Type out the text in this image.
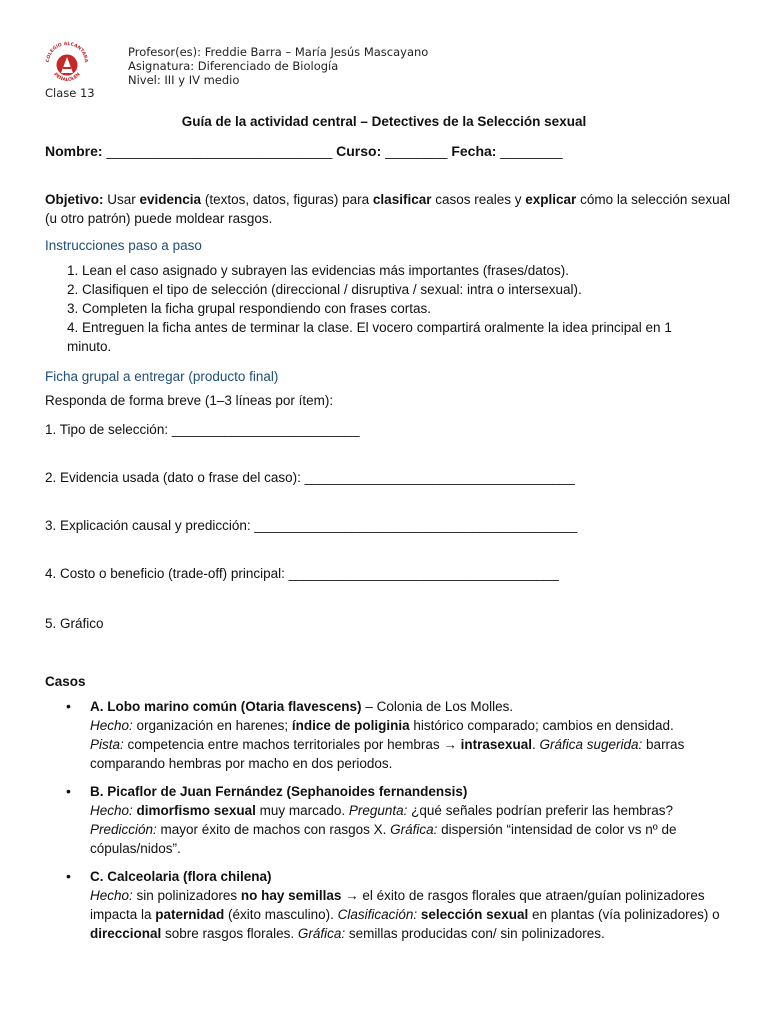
COLEGIO ALCANTARA
PEÑALOLÉN
Profesor(es): Freddie Barra – María Jesús Mascayano
Asignatura: Diferenciado de Biología
Nivel: III y IV medio
Clase 13
Guía de la actividad central – Detectives de la Selección sexual
Nombre: _____________________________ Curso: ________ Fecha: ________
Objetivo: Usar evidencia (textos, datos, figuras) para clasificar casos reales y explicar cómo la selección sexual (u otro patrón) puede moldear rasgos.
Instrucciones paso a paso
1. Lean el caso asignado y subrayen las evidencias más importantes (frases/datos).
2. Clasifiquen el tipo de selección (direccional / disruptiva / sexual: intra o intersexual).
3. Completen la ficha grupal respondiendo con frases cortas.
4. Entreguen la ficha antes de terminar la clase. El vocero compartirá oralmente la idea principal en 1 minuto.
Ficha grupal a entregar (producto final)
Responda de forma breve (1–3 líneas por ítem):
1. Tipo de selección: _________________________
2. Evidencia usada (dato o frase del caso): ____________________________________
3. Explicación causal y predicción: ___________________________________________
4. Costo o beneficio (trade-off) principal: ____________________________________
5. Gráfico
Casos
• A. Lobo marino común (Otaria flavescens) – Colonia de Los Molles.
Hecho: organización en harenes; índice de poliginia histórico comparado; cambios en densidad.
Pista: competencia entre machos territoriales por hembras → intrasexual. Gráfica sugerida: barras comparando hembras por macho en dos periodos.
• B. Picaflor de Juan Fernández (Sephanoides fernandensis)
Hecho: dimorfismo sexual muy marcado. Pregunta: ¿qué señales podrían preferir las hembras?
Predicción: mayor éxito de machos con rasgos X. Gráfica: dispersión “intensidad de color vs nº de cópulas/nidos”.
• C. Calceolaria (flora chilena)
Hecho: sin polinizadores no hay semillas → el éxito de rasgos florales que atraen/guían polinizadores impacta la paternidad (éxito masculino). Clasificación: selección sexual en plantas (vía polinizadores) o direccional sobre rasgos florales. Gráfica: semillas producidas con/ sin polinizadores.
